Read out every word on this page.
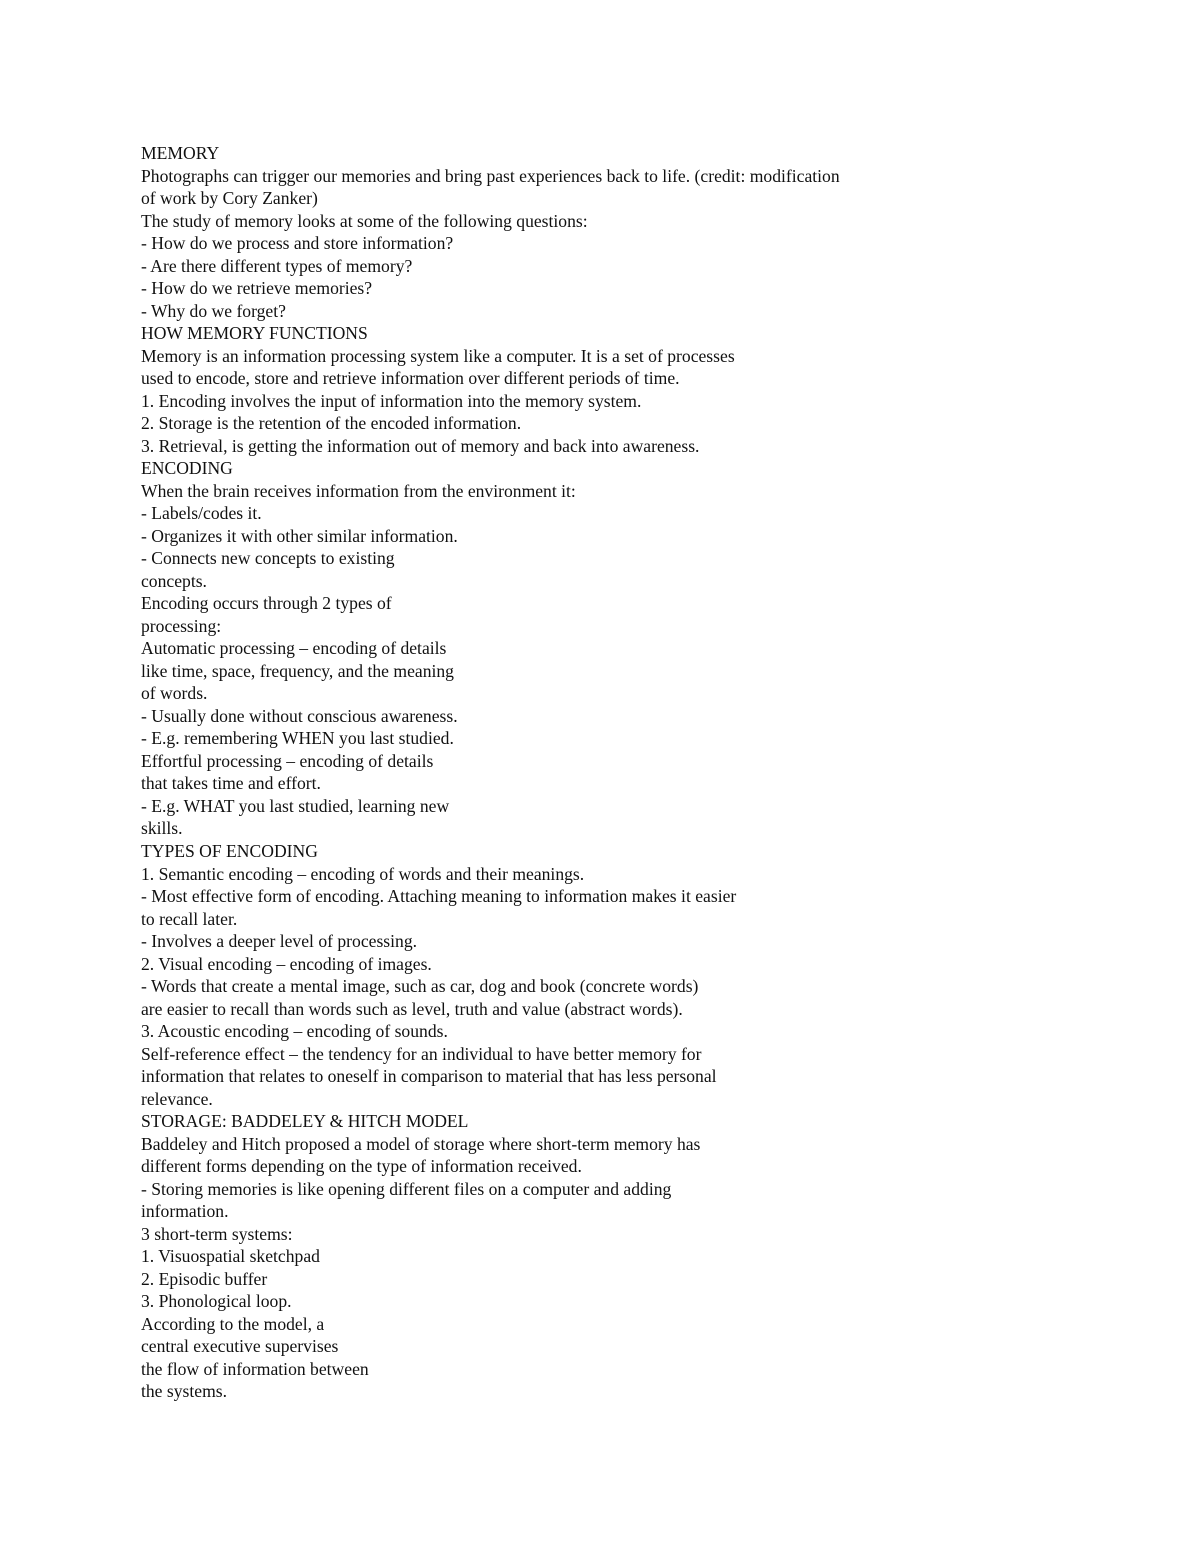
MEMORY
Photographs can trigger our memories and bring past experiences back to life. (credit: modification
of work by Cory Zanker)
The study of memory looks at some of the following questions:
- How do we process and store information?
- Are there different types of memory?
- How do we retrieve memories?
- Why do we forget?
HOW MEMORY FUNCTIONS
Memory is an information processing system like a computer. It is a set of processes
used to encode, store and retrieve information over different periods of time.
1. Encoding involves the input of information into the memory system.
2. Storage is the retention of the encoded information.
3. Retrieval, is getting the information out of memory and back into awareness.
ENCODING
When the brain receives information from the environment it:
- Labels/codes it.
- Organizes it with other similar information.
- Connects new concepts to existing
concepts.
Encoding occurs through 2 types of
processing:
Automatic processing – encoding of details
like time, space, frequency, and the meaning
of words.
- Usually done without conscious awareness.
- E.g. remembering WHEN you last studied.
Effortful processing – encoding of details
that takes time and effort.
- E.g. WHAT you last studied, learning new
skills.
TYPES OF ENCODING
1. Semantic encoding – encoding of words and their meanings.
- Most effective form of encoding. Attaching meaning to information makes it easier
to recall later.
- Involves a deeper level of processing.
2. Visual encoding – encoding of images.
- Words that create a mental image, such as car, dog and book (concrete words)
are easier to recall than words such as level, truth and value (abstract words).
3. Acoustic encoding – encoding of sounds.
Self-reference effect – the tendency for an individual to have better memory for
information that relates to oneself in comparison to material that has less personal
relevance.
STORAGE: BADDELEY & HITCH MODEL
Baddeley and Hitch proposed a model of storage where short-term memory has
different forms depending on the type of information received.
- Storing memories is like opening different files on a computer and adding
information.
3 short-term systems:
1. Visuospatial sketchpad
2. Episodic buffer
3. Phonological loop.
According to the model, a
central executive supervises
the flow of information between
the systems.
